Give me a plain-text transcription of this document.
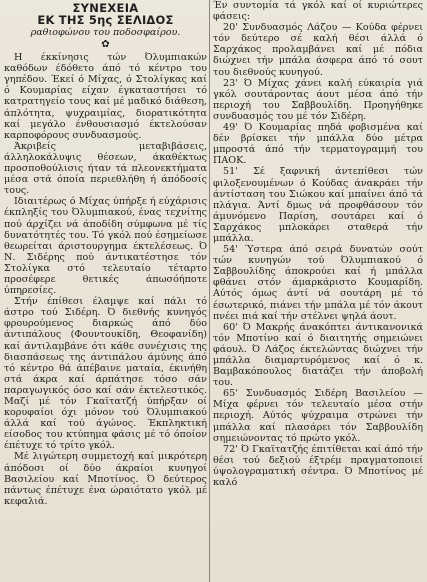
ΣΥΝΕΧΕΙΑ
ΕΚ ΤΗΣ 5ης ΣΕΛΙΔΟΣ
ραθιοφώνου του ποδοσφαίρου.
✿

Η έκκίνησις τών Όλυμπιακών καθόδων έδόθετο άπό τό κέντρο του γηπέδου. Έκεί ό Μίχας, ό Στολίγκας καί ό Κουμαρίας είχαν έγκαταστήσει τό κατρατηγείο τους καί μέ μαδικό διάθεση, άπλότητα, ψυχραιμίας, διορατικότητα καί μεγάλο ένθουσιασμό έκτελούσαν καρποφόρους συνδυασμούς.

Άκριβείς μεταβιβάσεις, άλληλοκάλυψις θέσεων, άκαθέκτως προσποθούλισις ήταν τά πλεονεκτήματα μέσα στά όποία περιεθλήθη ή άπόδοσίς τους.

Ιδιαιτέρως ό Μίχας ύπήρξε ή εύχάρισις έκπληξίς του Όλυμπιακού, ένας τεχνίτης πού άρχίζει νά άποδίδη σύμφωνα μέ τίς δυνατότητές του. Τό γκόλ πού έσημείωσε θεωρείται άριστουργημα έκτελέσεως. Ό Ν. Σιδέρης πού άντικατέστησε τόν Στολίγκα στό τελευταίο τέταρτο προσέφερε θετικές άπωσόήποτε ύπηρεσίες.

Στήν έπίθεσι έλαμψε καί πάλι τό άστρο τού Σιδέρη. Ό διεθνής κυνηγός φρουρούμενος διαρκώς άπό δύο άντιπάλους (Φουντουκίδη, Θεοφανίδη) καί άντιλαμβάνε ότι κάθε συνέχισις της διασπάσεως της άντιπάλου άμύνης άπό τό κέντρο θά άπέβαινε ματαία, έκινήθη στά άκρα καί άρπάτησε τόσο σάν παραγωγικός όσο καί σάν έκτελεστικός. Μαζί μέ τόν Γκαϊτατζή ύπήρξαν οί κορυφαίοι όχι μόνον τού Όλυμπιακού άλλά καί τού άγώνος. Έκπληκτική είσοδος του κτύπημα φάσις μέ τό όποίον έπέτυχε τό τρίτο γκόλ.

Μέ λιγώτερη συμμετοχή καί μικρότερη άπόδοσι οί δύο άκραίοι κυνηγοί Βασιλείου καί Μποτίνος. Ό δεύτερος πάντως έπέτυχε ένα ώραιότατο γκόλ μέ κεφαλιά.

Έν συντομία τά γκόλ καί οί κυριώτερες φάσεις:

20' Συνδυασμός Λάζου — Κούδα φέρνει τόν δεύτερο σέ καλή θέσι άλλά ό Σαρχάκος προλαμβάνει καί μέ πόδια διώχνει τήν μπάλα άσφερα άπό τό σουτ του διεθνούς κυνηγού.

23' Ό Μίχας χάνει καλή εύκαιρία γιά γκόλ σουτάροντας άουτ μέσα άπό τήν περιοχή του Σαββουλίδη. Προηγήθηκε συνδυασμός του μέ τόν Σιδέρη.

49' Ό Κουμαρίας πηδά φοβισμένα καί δέν βρίσκει τήν μπάλλα δύο μέτρα μπροστά άπό τήν τερματογραμμή του ΠΑΟΚ.

51' Σέ ξαφνική άντεπίθεσι τών φιλοξενουμένων ό Κούδας άνακράει τήν άντίσταση του Σιώκου καί μπαίνει άπό τά πλάγια. Άντί δμως νά προφθάσουν τόν άμυνόμενο Παρίση, σουτάρει καί ό Σαρχάκος μπλοκάρει σταθερά τήν μπάλλα.

54' Ύστερα άπό σειρά δυνατών σούτ τών κυνηγών τού Όλυμπιακού ό Σαββουλίδης άποκρούει καί ή μπάλλα φθάνει στόν άμαρκάριστο Κουμαρίδη. Αύτός όμως άντί νά σουτάρη μέ τό έσωτερικό, πιάνει τήν μπάλα μέ τόν άκουτ πνέει πιά καί τήν στέλνει ψηλά άουτ.

60' Ό Μακρής άνακόπτει άντικανονικά τόν Μποτίνο καί ό διαιτητής σημειώνει φάουλ. Ό Λάζος έκτελώντας διώχνει τήν μπάλλα διαμαρτυρόμενος καί ό κ. Βαμβακόπουλος διατάζει τήν άποβολή του.

65' Συνδυασμός Σιδέρη Βασιλείου — Μίχα φέρνει τόν τελευταίο μέσα στήν περιοχή. Αύτός ψύχραιμα στρώνει τήν μπάλλα καί πλασάρει τόν Σαββουλίδη σημειώνοντας τό πρώτο γκόλ.

72' Ό Γκαϊτατζής έπιτίθεται καί άπό τήν θέσι τού δεξιού έξτρέμ πραγματοποιεί ύψολογραματική σέντρα. Ό Μποτίνος μέ καλό
